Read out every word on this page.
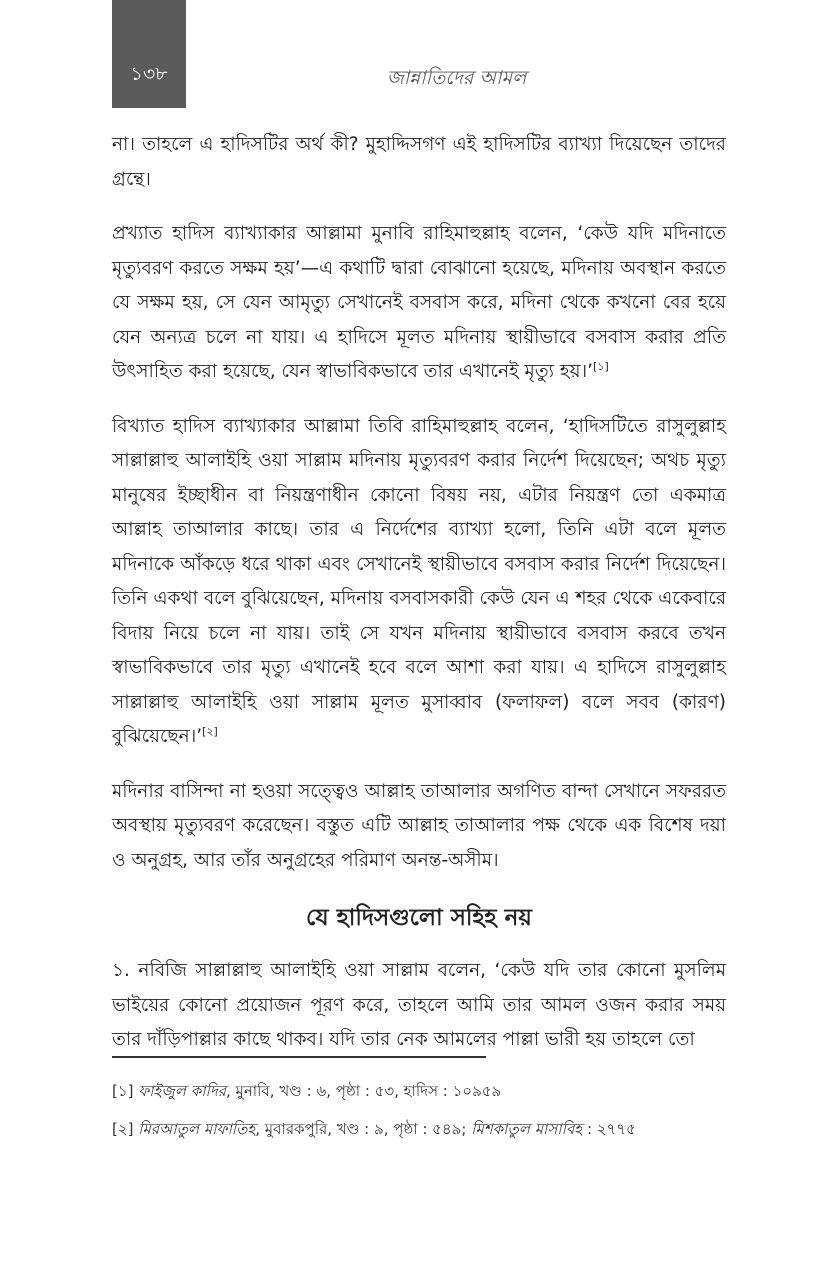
১৩৮	জান্নাতিদের আমল

না। তাহলে এ হাদিসটির অর্থ কী? মুহাদ্দিসগণ এই হাদিসটির ব্যাখ্যা দিয়েছেন তাদের গ্রন্থে।

প্রখ্যাত হাদিস ব্যাখ্যাকার আল্লামা মুনাবি রাহিমাহুল্লাহ বলেন, ‘কেউ যদি মদিনাতে মৃত্যুবরণ করতে সক্ষম হয়’—এ কথাটি দ্বারা বোঝানো হয়েছে, মদিনায় অবস্থান করতে যে সক্ষম হয়, সে যেন আমৃত্যু সেখানেই বসবাস করে, মদিনা থেকে কখনো বের হয়ে যেন অন্যত্র চলে না যায়। এ হাদিসে মূলত মদিনায় স্থায়ীভাবে বসবাস করার প্রতি উৎসাহিত করা হয়েছে, যেন স্বাভাবিকভাবে তার এখানেই মৃত্যু হয়।’[১]

বিখ্যাত হাদিস ব্যাখ্যাকার আল্লামা তিবি রাহিমাহুল্লাহ বলেন, ‘হাদিসটিতে রাসুলুল্লাহ সাল্লাল্লাহু আলাইহি ওয়া সাল্লাম মদিনায় মৃত্যুবরণ করার নির্দেশ দিয়েছেন; অথচ মৃত্যু মানুষের ইচ্ছাধীন বা নিয়ন্ত্রণাধীন কোনো বিষয় নয়, এটার নিয়ন্ত্রণ তো একমাত্র আল্লাহ তাআলার কাছে। তার এ নির্দেশের ব্যাখ্যা হলো, তিনি এটা বলে মূলত মদিনাকে আঁকড়ে ধরে থাকা এবং সেখানেই স্থায়ীভাবে বসবাস করার নির্দেশ দিয়েছেন। তিনি একথা বলে বুঝিয়েছেন, মদিনায় বসবাসকারী কেউ যেন এ শহর থেকে একেবারে বিদায় নিয়ে চলে না যায়। তাই সে যখন মদিনায় স্থায়ীভাবে বসবাস করবে তখন স্বাভাবিকভাবে তার মৃত্যু এখানেই হবে বলে আশা করা যায়। এ হাদিসে রাসুলুল্লাহ সাল্লাল্লাহু আলাইহি ওয়া সাল্লাম মূলত মুসাব্বাব (ফলাফল) বলে সবব (কারণ) বুঝিয়েছেন।’[২]

মদিনার বাসিন্দা না হওয়া সত্ত্বেও আল্লাহ তাআলার অগণিত বান্দা সেখানে সফররত অবস্থায় মৃত্যুবরণ করেছেন। বস্তুত এটি আল্লাহ তাআলার পক্ষ থেকে এক বিশেষ দয়া ও অনুগ্রহ, আর তাঁর অনুগ্রহের পরিমাণ অনন্ত-অসীম।

যে হাদিসগুলো সহিহ নয়

১. নবিজি সাল্লাল্লাহু আলাইহি ওয়া সাল্লাম বলেন, ‘কেউ যদি তার কোনো মুসলিম ভাইয়ের কোনো প্রয়োজন পূরণ করে, তাহলে আমি তার আমল ওজন করার সময় তার দাঁড়িপাল্লার কাছে থাকব। যদি তার নেক আমলের পাল্লা ভারী হয় তাহলে তো

[১] ফাইজুল কাদির, মুনাবি, খণ্ড : ৬, পৃষ্ঠা : ৫৩, হাদিস : ১০৯৫৯
[২] মিরআতুল মাফাতিহ, মুবারকপুরি, খণ্ড : ৯, পৃষ্ঠা : ৫৪৯; মিশকাতুল মাসাবিহ : ২৭৭৫
